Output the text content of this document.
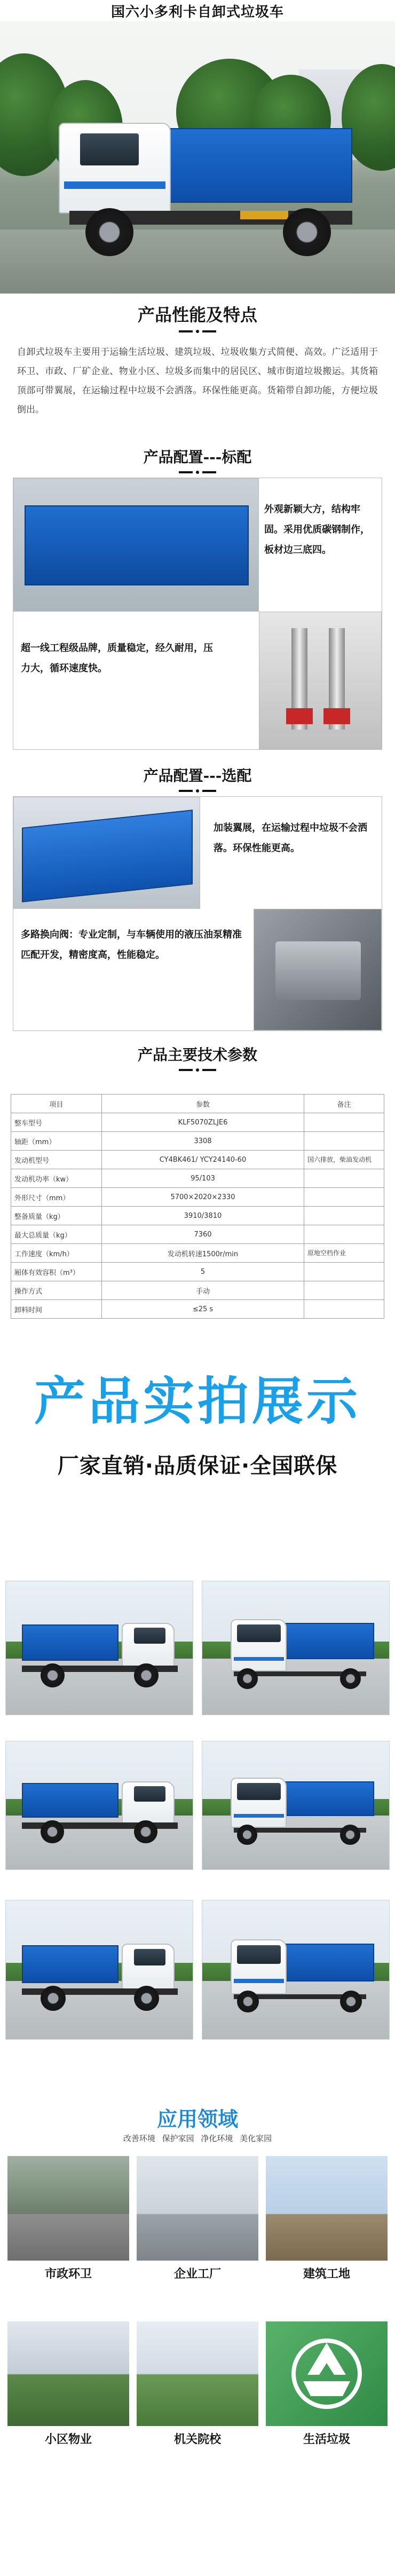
国六小多利卡自卸式垃圾车
产品性能及特点

自卸式垃圾车主要用于运输生活垃圾、建筑垃圾、垃圾收集方式简便、高效。广泛适用于环卫、市政、厂矿企业、物业小区、垃圾多而集中的居民区、城市街道垃圾搬运。其货箱顶部可带翼展，在运输过程中垃圾不会洒落。环保性能更高。货箱带自卸功能，方便垃圾倒出。

产品配置---标配
外观新颖大方，结构牢固。采用优质碳钢制作，板材边三底四。
超一线工程级品牌，质量稳定，经久耐用，压力大，循环速度快。
产品配置---选配
加装翼展，在运输过程中垃圾不会洒落。环保性能更高。
多路换向阀：专业定制，与车辆使用的液压油泵精准匹配开发，精密度高，性能稳定。
产品主要技术参数
项目	参数	备注
整车型号	KLF5070ZLJE6	
轴距（mm）	3308	
发动机型号	CY4BK461/ YCY24140-60	国六排放，柴油发动机
发动机功率（kw）	95/103	
外形尺寸（mm）	5700×2020×2330	
整备质量（kg）	3910/3810	
最大总质量（kg）	7360	
工作速度（km/h）	发动机转速1500r/min	原地空档作业
厢体有效容积（m³）	5	
操作方式	手动	
卸料时间	≤25 s	
产品实拍展示
厂家直销·品质保证·全国联保
应用领域
改善环境 保护家园 净化环境 美化家园
市政环卫	企业工厂	建筑工地
小区物业	机关院校	生活垃圾
